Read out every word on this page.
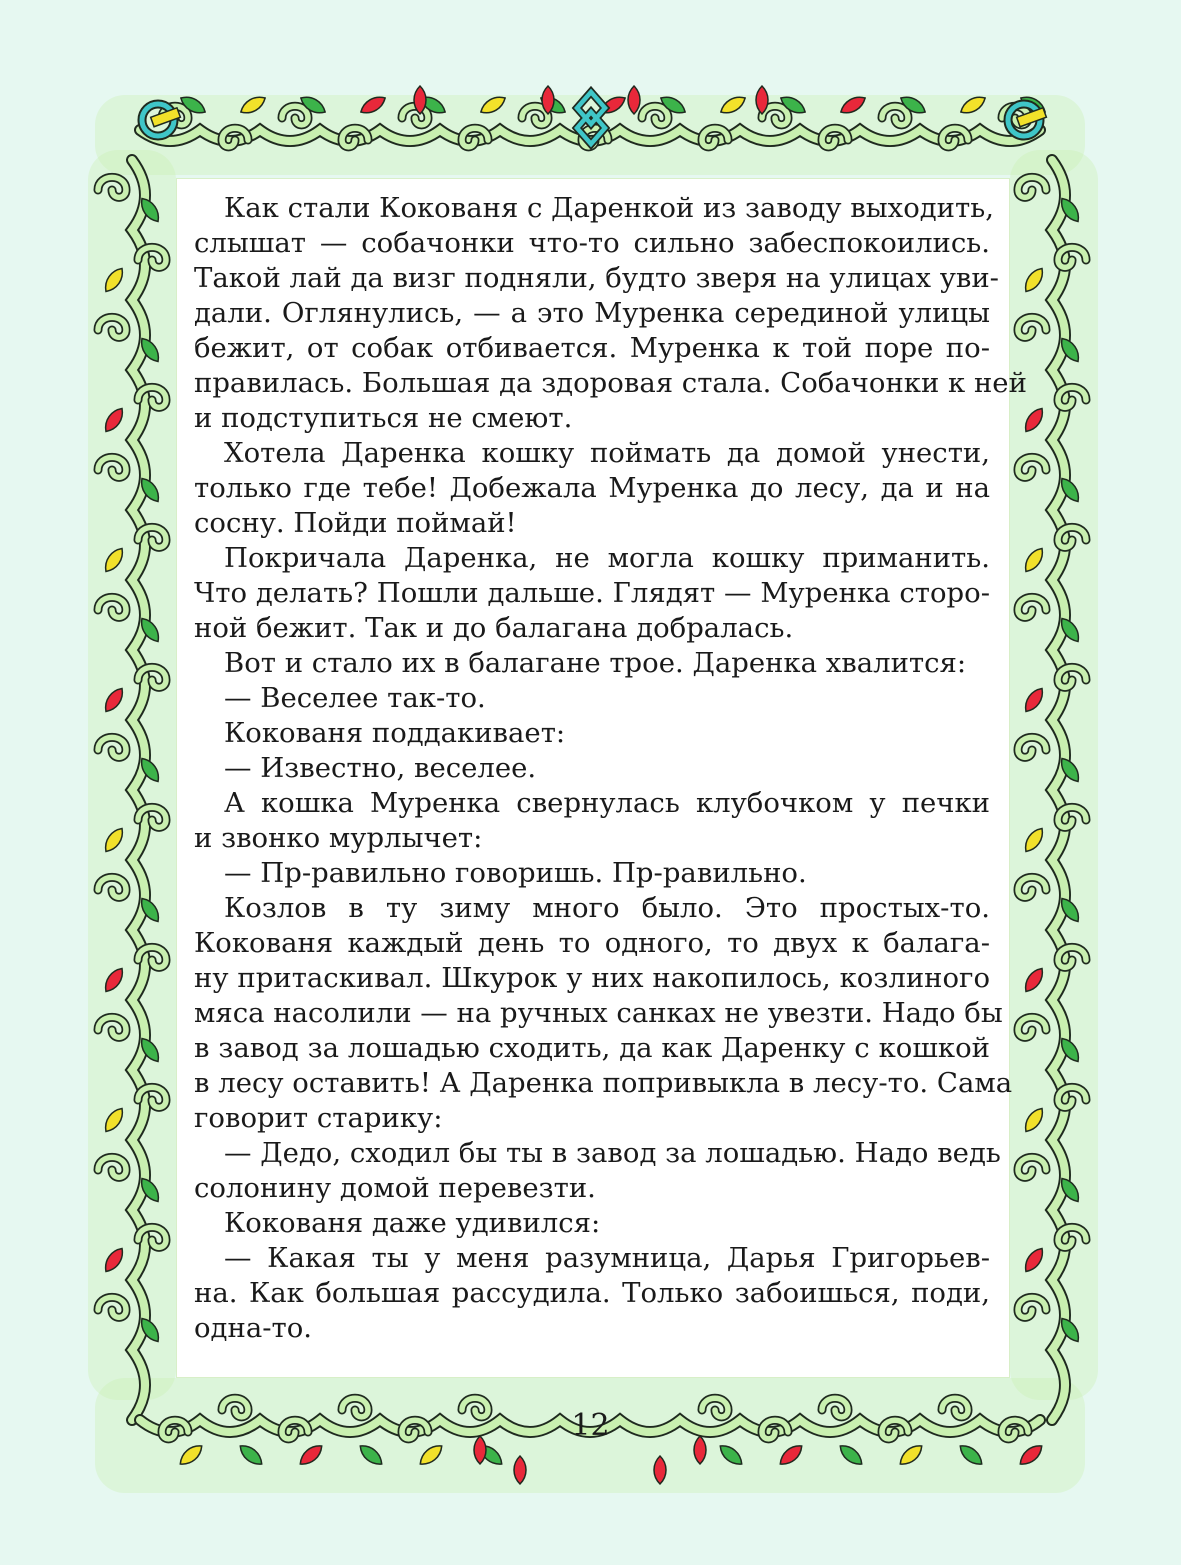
Как стали Кокованя с Даренкой из заводу выходить,

слышат — собачонки что-то сильно забеспокоились.

Такой лай да визг подняли, будто зверя на улицах уви-

дали. Оглянулись, — а это Муренка серединой улицы

бежит, от собак отбивается. Муренка к той поре по-

правилась. Большая да здоровая стала. Собачонки к ней

и подступиться не смеют.

Хотела Даренка кошку поймать да домой унести,

только где тебе! Добежала Муренка до лесу, да и на

сосну. Пойди поймай!

Покричала Даренка, не могла кошку приманить.

Что делать? Пошли дальше. Глядят — Муренка сторо-

ной бежит. Так и до балагана добралась.

Вот и стало их в балагане трое. Даренка хвалится:

— Веселее так-то.

Кокованя поддакивает:

— Известно, веселее.

А кошка Муренка свернулась клубочком у печки

и звонко мурлычет:

— Пр-равильно говоришь. Пр-равильно.

Козлов в ту зиму много было. Это простых-то.

Кокованя каждый день то одного, то двух к балага-

ну притаскивал. Шкурок у них накопилось, козлиного

мяса насолили — на ручных санках не увезти. Надо бы

в завод за лошадью сходить, да как Даренку с кошкой

в лесу оставить! А Даренка попривыкла в лесу-то. Сама

говорит старику:

— Дедо, сходил бы ты в завод за лошадью. Надо ведь

солонину домой перевезти.

Кокованя даже удивился:

— Какая ты у меня разумница, Дарья Григорьев-

на. Как большая рассудила. Только забоишься, поди,

одна-то.

12
